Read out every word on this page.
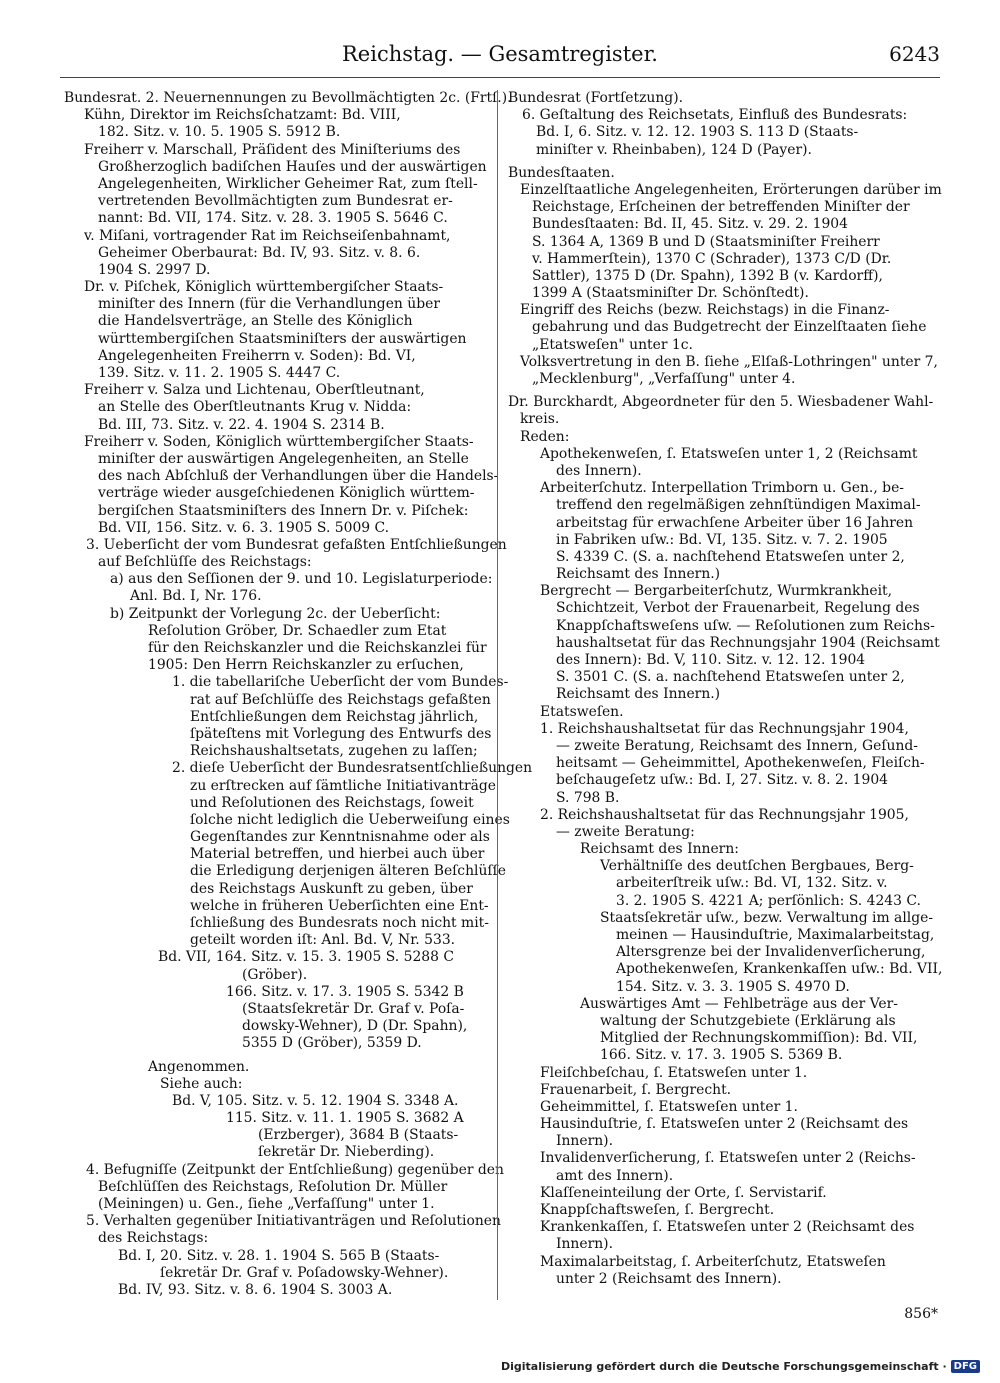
Reichstag. — Gesamtregister.	6243
Bundesrat. 2. Neuernennungen zu Bevollmächtigten 2c. (Frtſ.).
Kühn, Direktor im Reichsſchatzamt: Bd. VIII,
182. Sitz. v. 10. 5. 1905 S. 5912 B.
Freiherr v. Marschall, Präſident des Miniſteriums des
Großherzoglich badiſchen Hauſes und der auswärtigen
Angelegenheiten, Wirklicher Geheimer Rat, zum ſtell-
vertretenden Bevollmächtigten zum Bundesrat er-
nannt: Bd. VII, 174. Sitz. v. 28. 3. 1905 S. 5646 C.
v. Miſani, vortragender Rat im Reichseiſenbahnamt,
Geheimer Oberbaurat: Bd. IV, 93. Sitz. v. 8. 6.
1904 S. 2997 D.
Dr. v. Piſchek, Königlich württembergiſcher Staats-
miniſter des Innern (für die Verhandlungen über
die Handelsverträge, an Stelle des Königlich
württembergiſchen Staatsminiſters der auswärtigen
Angelegenheiten Freiherrn v. Soden): Bd. VI,
139. Sitz. v. 11. 2. 1905 S. 4447 C.
Freiherr v. Salza und Lichtenau, Oberſtleutnant,
an Stelle des Oberſtleutnants Krug v. Nidda:
Bd. III, 73. Sitz. v. 22. 4. 1904 S. 2314 B.
Freiherr v. Soden, Königlich württembergiſcher Staats-
miniſter der auswärtigen Angelegenheiten, an Stelle
des nach Abſchluß der Verhandlungen über die Handels-
verträge wieder ausgeſchiedenen Königlich württem-
bergiſchen Staatsminiſters des Innern Dr. v. Piſchek:
Bd. VII, 156. Sitz. v. 6. 3. 1905 S. 5009 C.
3. Ueberſicht der vom Bundesrat gefaßten Entſchließungen
auf Beſchlüſſe des Reichstags:
a) aus den Seſſionen der 9. und 10. Legislaturperiode:
Anl. Bd. I, Nr. 176.
b) Zeitpunkt der Vorlegung 2c. der Ueberſicht:
Reſolution Gröber, Dr. Schaedler zum Etat
für den Reichskanzler und die Reichskanzlei für
1905: Den Herrn Reichskanzler zu erſuchen,
1. die tabellariſche Ueberſicht der vom Bundes-
rat auf Beſchlüſſe des Reichstags gefaßten
Entſchließungen dem Reichstag jährlich,
ſpäteſtens mit Vorlegung des Entwurfs des
Reichshaushaltsetats, zugehen zu laſſen;
2. dieſe Ueberſicht der Bundesratsentſchließungen
zu erſtrecken auf ſämtliche Initiativanträge
und Reſolutionen des Reichstags, ſoweit
ſolche nicht lediglich die Ueberweiſung eines
Gegenſtandes zur Kenntnisnahme oder als
Material betreffen, und hierbei auch über
die Erledigung derjenigen älteren Beſchlüſſe
des Reichstags Auskunft zu geben, über
welche in früheren Ueberſichten eine Ent-
ſchließung des Bundesrats noch nicht mit-
geteilt worden iſt: Anl. Bd. V, Nr. 533.
Bd. VII, 164. Sitz. v. 15. 3. 1905 S. 5288 C
(Gröber).
166. Sitz. v. 17. 3. 1905 S. 5342 B
(Staatsſekretär Dr. Graf v. Poſa-
dowsky-Wehner), D (Dr. Spahn),
5355 D (Gröber), 5359 D.
Angenommen.
Siehe auch:
Bd. V, 105. Sitz. v. 5. 12. 1904 S. 3348 A.
115. Sitz. v. 11. 1. 1905 S. 3682 A
(Erzberger), 3684 B (Staats-
ſekretär Dr. Nieberding).
4. Befugniſſe (Zeitpunkt der Entſchließung) gegenüber den
Beſchlüſſen des Reichstags, Reſolution Dr. Müller
(Meiningen) u. Gen., ſiehe „Verfaſſung" unter 1.
5. Verhalten gegenüber Initiativanträgen und Reſolutionen
des Reichstags:
Bd. I, 20. Sitz. v. 28. 1. 1904 S. 565 B (Staats-
ſekretär Dr. Graf v. Poſadowsky-Wehner).
Bd. IV, 93. Sitz. v. 8. 6. 1904 S. 3003 A.
Bundesrat (Fortſetzung).
6. Geſtaltung des Reichsetats, Einfluß des Bundesrats:
Bd. I, 6. Sitz. v. 12. 12. 1903 S. 113 D (Staats-
miniſter v. Rheinbaben), 124 D (Payer).
Bundesſtaaten.
Einzelſtaatliche Angelegenheiten, Erörterungen darüber im
Reichstage, Erſcheinen der betreffenden Miniſter der
Bundesſtaaten: Bd. II, 45. Sitz. v. 29. 2. 1904
S. 1364 A, 1369 B und D (Staatsminiſter Freiherr
v. Hammerſtein), 1370 C (Schrader), 1373 C/D (Dr.
Sattler), 1375 D (Dr. Spahn), 1392 B (v. Kardorff),
1399 A (Staatsminiſter Dr. Schönſtedt).
Eingriff des Reichs (bezw. Reichstags) in die Finanz-
gebahrung und das Budgetrecht der Einzelſtaaten ſiehe
„Etatsweſen" unter 1c.
Volksvertretung in den B. ſiehe „Elſaß-Lothringen" unter 7,
„Mecklenburg", „Verfaſſung" unter 4.
Dr. Burckhardt, Abgeordneter für den 5. Wiesbadener Wahl-
kreis.
Reden:
Apothekenweſen, ſ. Etatsweſen unter 1, 2 (Reichsamt
des Innern).
Arbeiterſchutz. Interpellation Trimborn u. Gen., be-
treffend den regelmäßigen zehnſtündigen Maximal-
arbeitstag für erwachſene Arbeiter über 16 Jahren
in Fabriken uſw.: Bd. VI, 135. Sitz. v. 7. 2. 1905
S. 4339 C. (S. a. nachſtehend Etatsweſen unter 2,
Reichsamt des Innern.)
Bergrecht — Bergarbeiterſchutz, Wurmkrankheit,
Schichtzeit, Verbot der Frauenarbeit, Regelung des
Knappſchaftsweſens uſw. — Reſolutionen zum Reichs-
haushaltsetat für das Rechnungsjahr 1904 (Reichsamt
des Innern): Bd. V, 110. Sitz. v. 12. 12. 1904
S. 3501 C. (S. a. nachſtehend Etatsweſen unter 2,
Reichsamt des Innern.)
Etatsweſen.
1. Reichshaushaltsetat für das Rechnungsjahr 1904,
— zweite Beratung, Reichsamt des Innern, Geſund-
heitsamt — Geheimmittel, Apothekenweſen, Fleiſch-
beſchaugeſetz uſw.: Bd. I, 27. Sitz. v. 8. 2. 1904
S. 798 B.
2. Reichshaushaltsetat für das Rechnungsjahr 1905,
— zweite Beratung:
Reichsamt des Innern:
Verhältniſſe des deutſchen Bergbaues, Berg-
arbeiterſtreik uſw.: Bd. VI, 132. Sitz. v.
3. 2. 1905 S. 4221 A; perſönlich: S. 4243 C.
Staatsſekretär uſw., bezw. Verwaltung im allge-
meinen — Hausinduſtrie, Maximalarbeitstag,
Altersgrenze bei der Invalidenverſicherung,
Apothekenweſen, Krankenkaſſen uſw.: Bd. VII,
154. Sitz. v. 3. 3. 1905 S. 4970 D.
Auswärtiges Amt — Fehlbeträge aus der Ver-
waltung der Schutzgebiete (Erklärung als
Mitglied der Rechnungskommiſſion): Bd. VII,
166. Sitz. v. 17. 3. 1905 S. 5369 B.
Fleiſchbeſchau, ſ. Etatsweſen unter 1.
Frauenarbeit, ſ. Bergrecht.
Geheimmittel, ſ. Etatsweſen unter 1.
Hausinduſtrie, ſ. Etatsweſen unter 2 (Reichsamt des
Innern).
Invalidenverſicherung, ſ. Etatsweſen unter 2 (Reichs-
amt des Innern).
Klaſſeneinteilung der Orte, ſ. Servistarif.
Knappſchaftsweſen, ſ. Bergrecht.
Krankenkaſſen, ſ. Etatsweſen unter 2 (Reichsamt des
Innern).
Maximalarbeitstag, ſ. Arbeiterſchutz, Etatsweſen
unter 2 (Reichsamt des Innern).
856*
Digitalisierung gefördert durch die Deutsche Forschungsgemeinschaft · DFG
